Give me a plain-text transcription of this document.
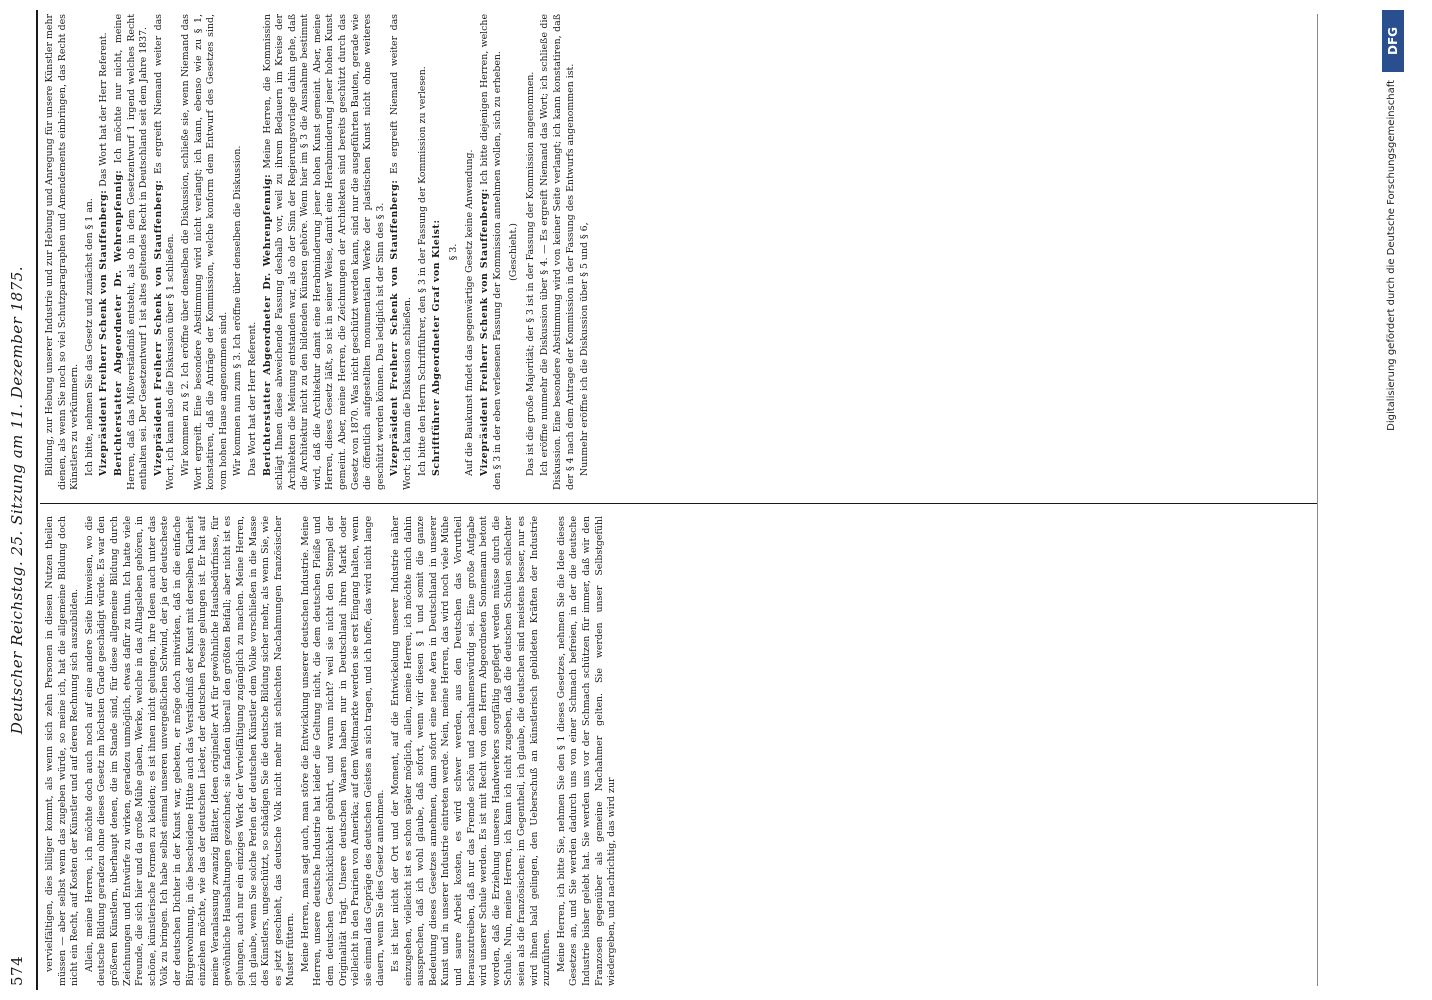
574
Deutscher Reichstag. 25. Sitzung am 11. Dezember 1875.

vervielfältigen, dies billiger kommt, als wenn sich zehn Personen in diesen Nutzen theilen müssen — aber selbst wenn das zugeben würde, so meine ich, hat die allgemeine Bildung doch nicht ein Recht, auf Kosten der Künstler und auf deren Rechnung sich auszubilden. Allein, meine Herren, ich möchte doch auch noch auf eine andere Seite hinweisen, wo die deutsche Bildung geradezu ohne dieses Gesetz im höchsten Grade geschädigt würde. Es war den größeren Künstlern, überhaupt denen, die im Stande sind, für diese allgemeine Bildung durch Zeichnungen und Entwürfe zu wirken, geradezu unmöglich, etwas dafür zu thun. Ich hatte viele Freunde, die sich hier und da große Mühe gaben, Werke, welche in das Alltagsleben gehören, in schöne, künstlerische Formen zu kleiden; es ist ihnen nicht gelungen, ihre Ideen auch unter das Volk zu bringen. Ich habe selbst einmal unseren unvergeßlichen Schwind, der ja der deutscheste der deutschen Dichter in der Kunst war, gebeten, er möge doch mitwirken, daß in die einfache Bürgerwohnung, in die bescheidene Hütte auch das Verständniß der Kunst mit derselben Klarheit einziehen möchte, wie das der deutschen Lieder, der deutschen Poesie gelungen ist. Er hat auf meine Veranlassung zwanzig Blätter, Ideen origineller Art für gewöhnliche Hausbedürfnisse, für gewöhnliche Haushaltungen gezeichnet; sie fanden überall den größten Beifall; aber nicht ist es gelungen, auch nur ein einziges Werk der Vervielfältigung zugänglich zu machen. Meine Herren, ich glaube, wenn Sie solche Perlen der deutschen Künstler dem Volke vorschließen in die Masse des Künstlers, ungeschützt, so schädigen Sie die deutsche Bildung sicher mehr, als wenn Sie, wie es jetzt geschieht, das deutsche Volk nicht mehr mit schlechten Nachahmungen französischer Muster füttern. Meine Herren, man sagt auch, man störe die Entwicklung unserer deutschen Industrie. Meine Herren, unsere deutsche Industrie hat leider die Geltung nicht, die dem deutschen Fleiße und dem deutschen Geschicklichkeit gebührt, und warum nicht? weil sie nicht den Stempel der Originalität trägt. Unsere deutschen Waaren haben nur in Deutschland ihren Markt oder vielleicht in den Prairien von Amerika; auf dem Weltmarkte werden sie erst Eingang halten, wenn sie einmal das Gepräge des deutschen Geistes an sich tragen, und ich hoffe, das wird nicht lange dauern, wenn Sie dies Gesetz annehmen. Es ist hier nicht der Ort und der Moment, auf die Entwickelung unserer Industrie näher einzugehen, vielleicht ist es schon später möglich, allein, meine Herren, ich möchte mich dahin aussprechen, daß ich wohl glaube, daß sofort, wenn wir diesen § 1 und somit die ganze Bedeutung dieses Gesetzes annehmen, dann sofort eine neue Aera in Deutschland in unserer Kunst und in unserer Industrie eintreten werde. Nein, meine Herren, das wird noch viele Mühe und saure Arbeit kosten, es wird schwer werden, aus den Deutschen das Vorurtheil herauszutreiben, daß nur das Fremde schön und nachahmenswürdig sei. Eine große Aufgabe wird unserer Schule werden. Es ist mit Recht von dem Herrn Abgeordneten Sonnemann betont worden, daß die Erziehung unseres Handwerkers sorgfältig gepflegt werden müsse durch die Schule. Nun, meine Herren, ich kann ich nicht zugeben, daß die deutschen Schulen schlechter seien als die französischen; im Gegentheil, ich glaube, die deutschen sind meistens besser, nur es wird ihnen bald gelingen, den Ueberschuß an künstlerisch gebildeten Kräften der Industrie zuzuführen. Meine Herren, ich bitte Sie, nehmen Sie den § 1 dieses Gesetzes, nehmen Sie die Idee dieses Gesetzes an, und Sie werden dadurch uns von einer Schmach befreien, in der die deutsche Industrie bisher gelebt hat. Sie werden uns vor der Schmach schützen für immer, daß wir den Franzosen gegenüber als gemeine Nachahmer gelten. Sie werden unser Selbstgefühl wiedergeben, und nachrichtig, das wird zur

Bildung, zur Hebung unserer Industrie und zur Hebung und Anregung für unsere Künstler mehr dienen, als wenn Sie noch so viel Schutzparagraphen und Amendements einbringen, das Recht des Künstlers zu verkümmern. Ich bitte, nehmen Sie das Gesetz und zunächst den § 1 an. Vizepräsident Freiherr Schenk von Stauffenberg: Das Wort hat der Herr Referent.

Berichterstatter Abgeordneter Dr. Wehrenpfennig: Ich möchte nur nicht, meine Herren, daß das Mißverständniß entsteht, als ob in dem Gesetzentwurf 1 irgend welches Recht enthalten sei. Der Gesetzentwurf 1 ist altes geltendes Recht in Deutschland seit dem Jahre 1837. Vizepräsident Freiherr Schenk von Stauffenberg: Es ergreift Niemand weiter das Wort, ich kann also die Diskussion über § 1 schließen. Wir kommen zu § 2. Ich eröffne über denselben die Diskussion, schließe sie, wenn Niemand das Wort ergreift. Eine besondere Abstimmung wird nicht verlangt; ich kann, ebenso wie zu § 1, konstatiren, daß die Anträge der Kommission, welche konform dem Entwurf des Gesetzes sind, vom hohen Hause angenommen sind. Wir kommen nun zum § 3. Ich eröffne über denselben die Diskussion. Das Wort hat der Herr Referent. Berichterstatter Abgeordneter Dr. Wehrenpfennig: Meine Herren, die Kommission schlägt Ihnen diese abweichende Fassung deshalb vor, weil zu ihrem Bedauern im Kreise der Architekten die Meinung entstanden war, als ob der Sinn der Regierungsvorlage dahin gehe, daß die Architektur nicht zu den bildenden Künsten gehöre. Wenn hier im § 3 die Ausnahme bestimmt wird, daß die Architektur damit eine Herabminderung jener hohen Kunst gemeint. Aber, meine Herren, dieses Gesetz läßt, so ist in seiner Weise, damit eine Herabminderung jener hohen Kunst gemeint. Aber, meine Herren, die Zeichnungen der Architekten sind bereits geschützt durch das Gesetz von 1870. Was nicht geschützt werden kann, sind nur die ausgeführten Bauten, gerade wie die öffentlich aufgestellten monumentalen Werke der plastischen Kunst nicht ohne weiteres geschützt werden können. Das lediglich ist der Sinn des § 3. Vizepräsident Freiherr Schenk von Stauffenberg: Es ergreift Niemand weiter das Wort; ich kann die Diskussion schließen. Ich bitte den Herrn Schriftführer, den § 3 in der Fassung der Kommission zu verlesen. Schriftführer Abgeordneter Graf von Kleist: § 3. Auf die Baukunst findet das gegenwärtige Gesetz keine Anwendung. Vizepräsident Freiherr Schenk von Stauffenberg: Ich bitte diejenigen Herren, welche den § 3 in der eben verlesenen Fassung der Kommission annehmen wollen, sich zu erheben. (Geschieht.) Das ist die große Majorität; der § 3 ist in der Fassung der Kommission angenommen. Ich eröffne nunmehr die Diskussion über § 4. — Es ergreift Niemand das Wort; ich schließe die Diskussion. Eine besondere Abstimmung wird von keiner Seite verlangt; ich kann konstatiren, daß der § 4 nach dem Antrage der Kommission in der Fassung des Entwurfs angenommen ist. Nunmehr eröffne ich die Diskussion über § 5 und § 6,	Digitalisierung gefördert durch die Deutsche Forschungsgemeinschaft
DFG
